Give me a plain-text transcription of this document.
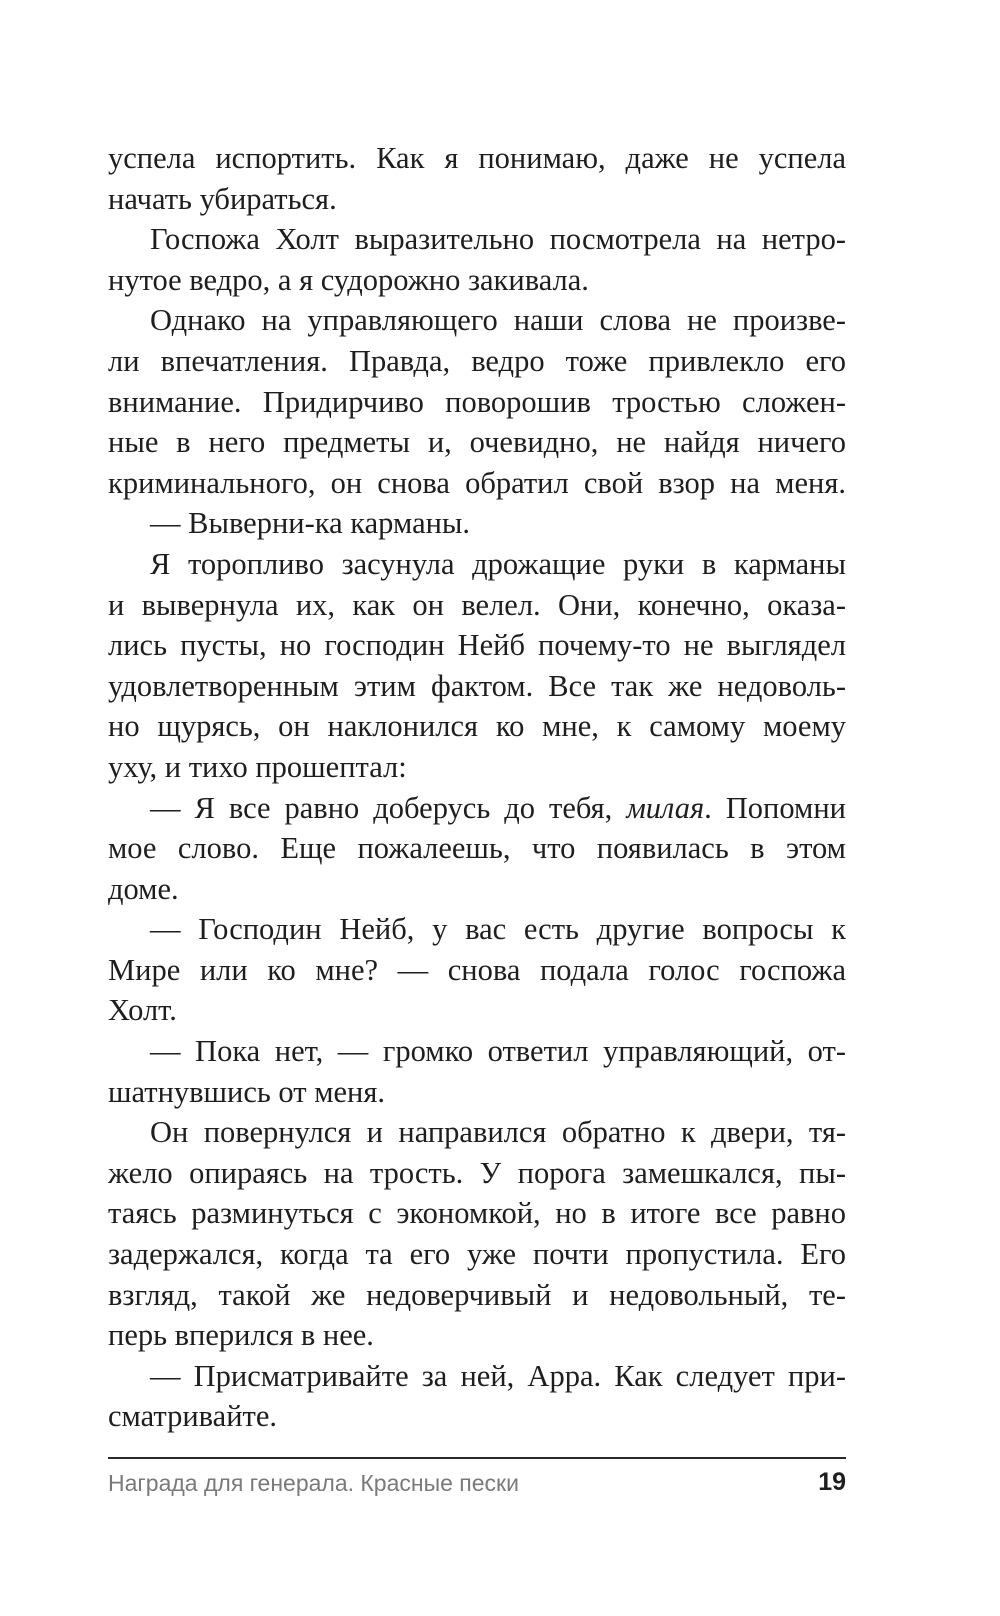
успела испортить. Как я понимаю, даже не успела
начать убираться.
Госпожа Холт выразительно посмотрела на нетро-
нутое ведро, а я судорожно закивала.
Однако на управляющего наши слова не произве-
ли впечатления. Правда, ведро тоже привлекло его
внимание. Придирчиво поворошив тростью сложен-
ные в него предметы и, очевидно, не найдя ничего
криминального, он снова обратил свой взор на меня.
— Выверни-ка карманы.
Я торопливо засунула дрожащие руки в карманы
и вывернула их, как он велел. Они, конечно, оказа-
лись пусты, но господин Нейб почему-то не выглядел
удовлетворенным этим фактом. Все так же недоволь-
но щурясь, он наклонился ко мне, к самому моему
уху, и тихо прошептал:
— Я все равно доберусь до тебя, милая. Попомни
мое слово. Еще пожалеешь, что появилась в этом
доме.
— Господин Нейб, у вас есть другие вопросы к
Мире или ко мне? — снова подала голос госпожа
Холт.
— Пока нет, — громко ответил управляющий, от-
шатнувшись от меня.
Он повернулся и направился обратно к двери, тя-
жело опираясь на трость. У порога замешкался, пы-
таясь разминуться с экономкой, но в итоге все равно
задержался, когда та его уже почти пропустила. Его
взгляд, такой же недоверчивый и недовольный, те-
перь вперился в нее.
— Присматривайте за ней, Арра. Как следует при-
сматривайте.
Награда для генерала. Красные пески	19
